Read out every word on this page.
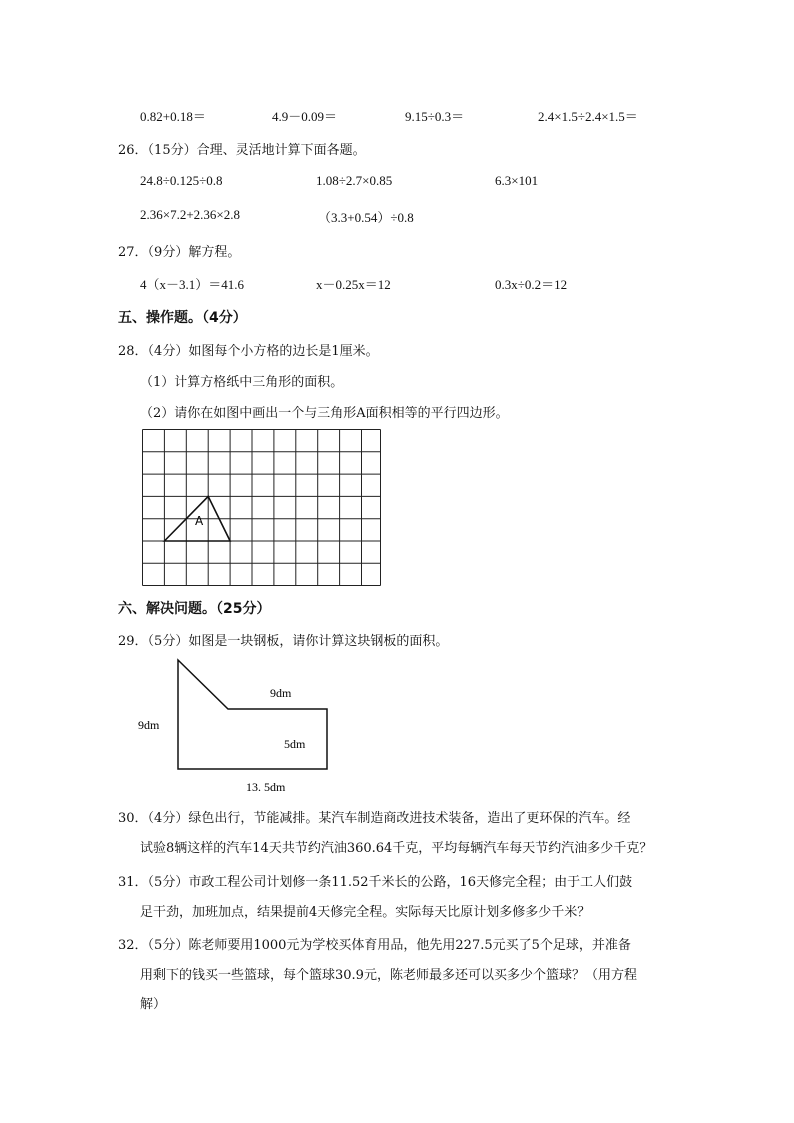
0.82+0.18＝	4.9－0.09＝	9.15÷0.3＝	2.4×1.5÷2.4×1.5＝
26．（15分）合理、灵活地计算下面各题。
24.8÷0.125÷0.8	1.08÷2.7×0.85	6.3×101
2.36×7.2+2.36×2.8	（3.3+0.54）÷0.8
27．（9分）解方程。
4（x－3.1）＝41.6	x－0.25x＝12	0.3x÷0.2＝12
五、操作题。（4分）
28．（4分）如图每个小方格的边长是1厘米。
（1）计算方格纸中三角形的面积。
（2）请你在如图中画出一个与三角形A面积相等的平行四边形。
A
六、解决问题。（25分）
29．（5分）如图是一块钢板，请你计算这块钢板的面积。
9dm
9dm
5dm
13. 5dm
30．（4分）绿色出行，节能减排。某汽车制造商改进技术装备，造出了更环保的汽车。经
试验8辆这样的汽车14天共节约汽油360.64千克，平均每辆汽车每天节约汽油多少千克？
31．（5分）市政工程公司计划修一条11.52千米长的公路，16天修完全程；由于工人们鼓
足干劲，加班加点，结果提前4天修完全程。实际每天比原计划多修多少千米？
32．（5分）陈老师要用1000元为学校买体育用品，他先用227.5元买了5个足球，并准备
用剩下的钱买一些篮球，每个篮球30.9元，陈老师最多还可以买多少个篮球？（用方程
解）
